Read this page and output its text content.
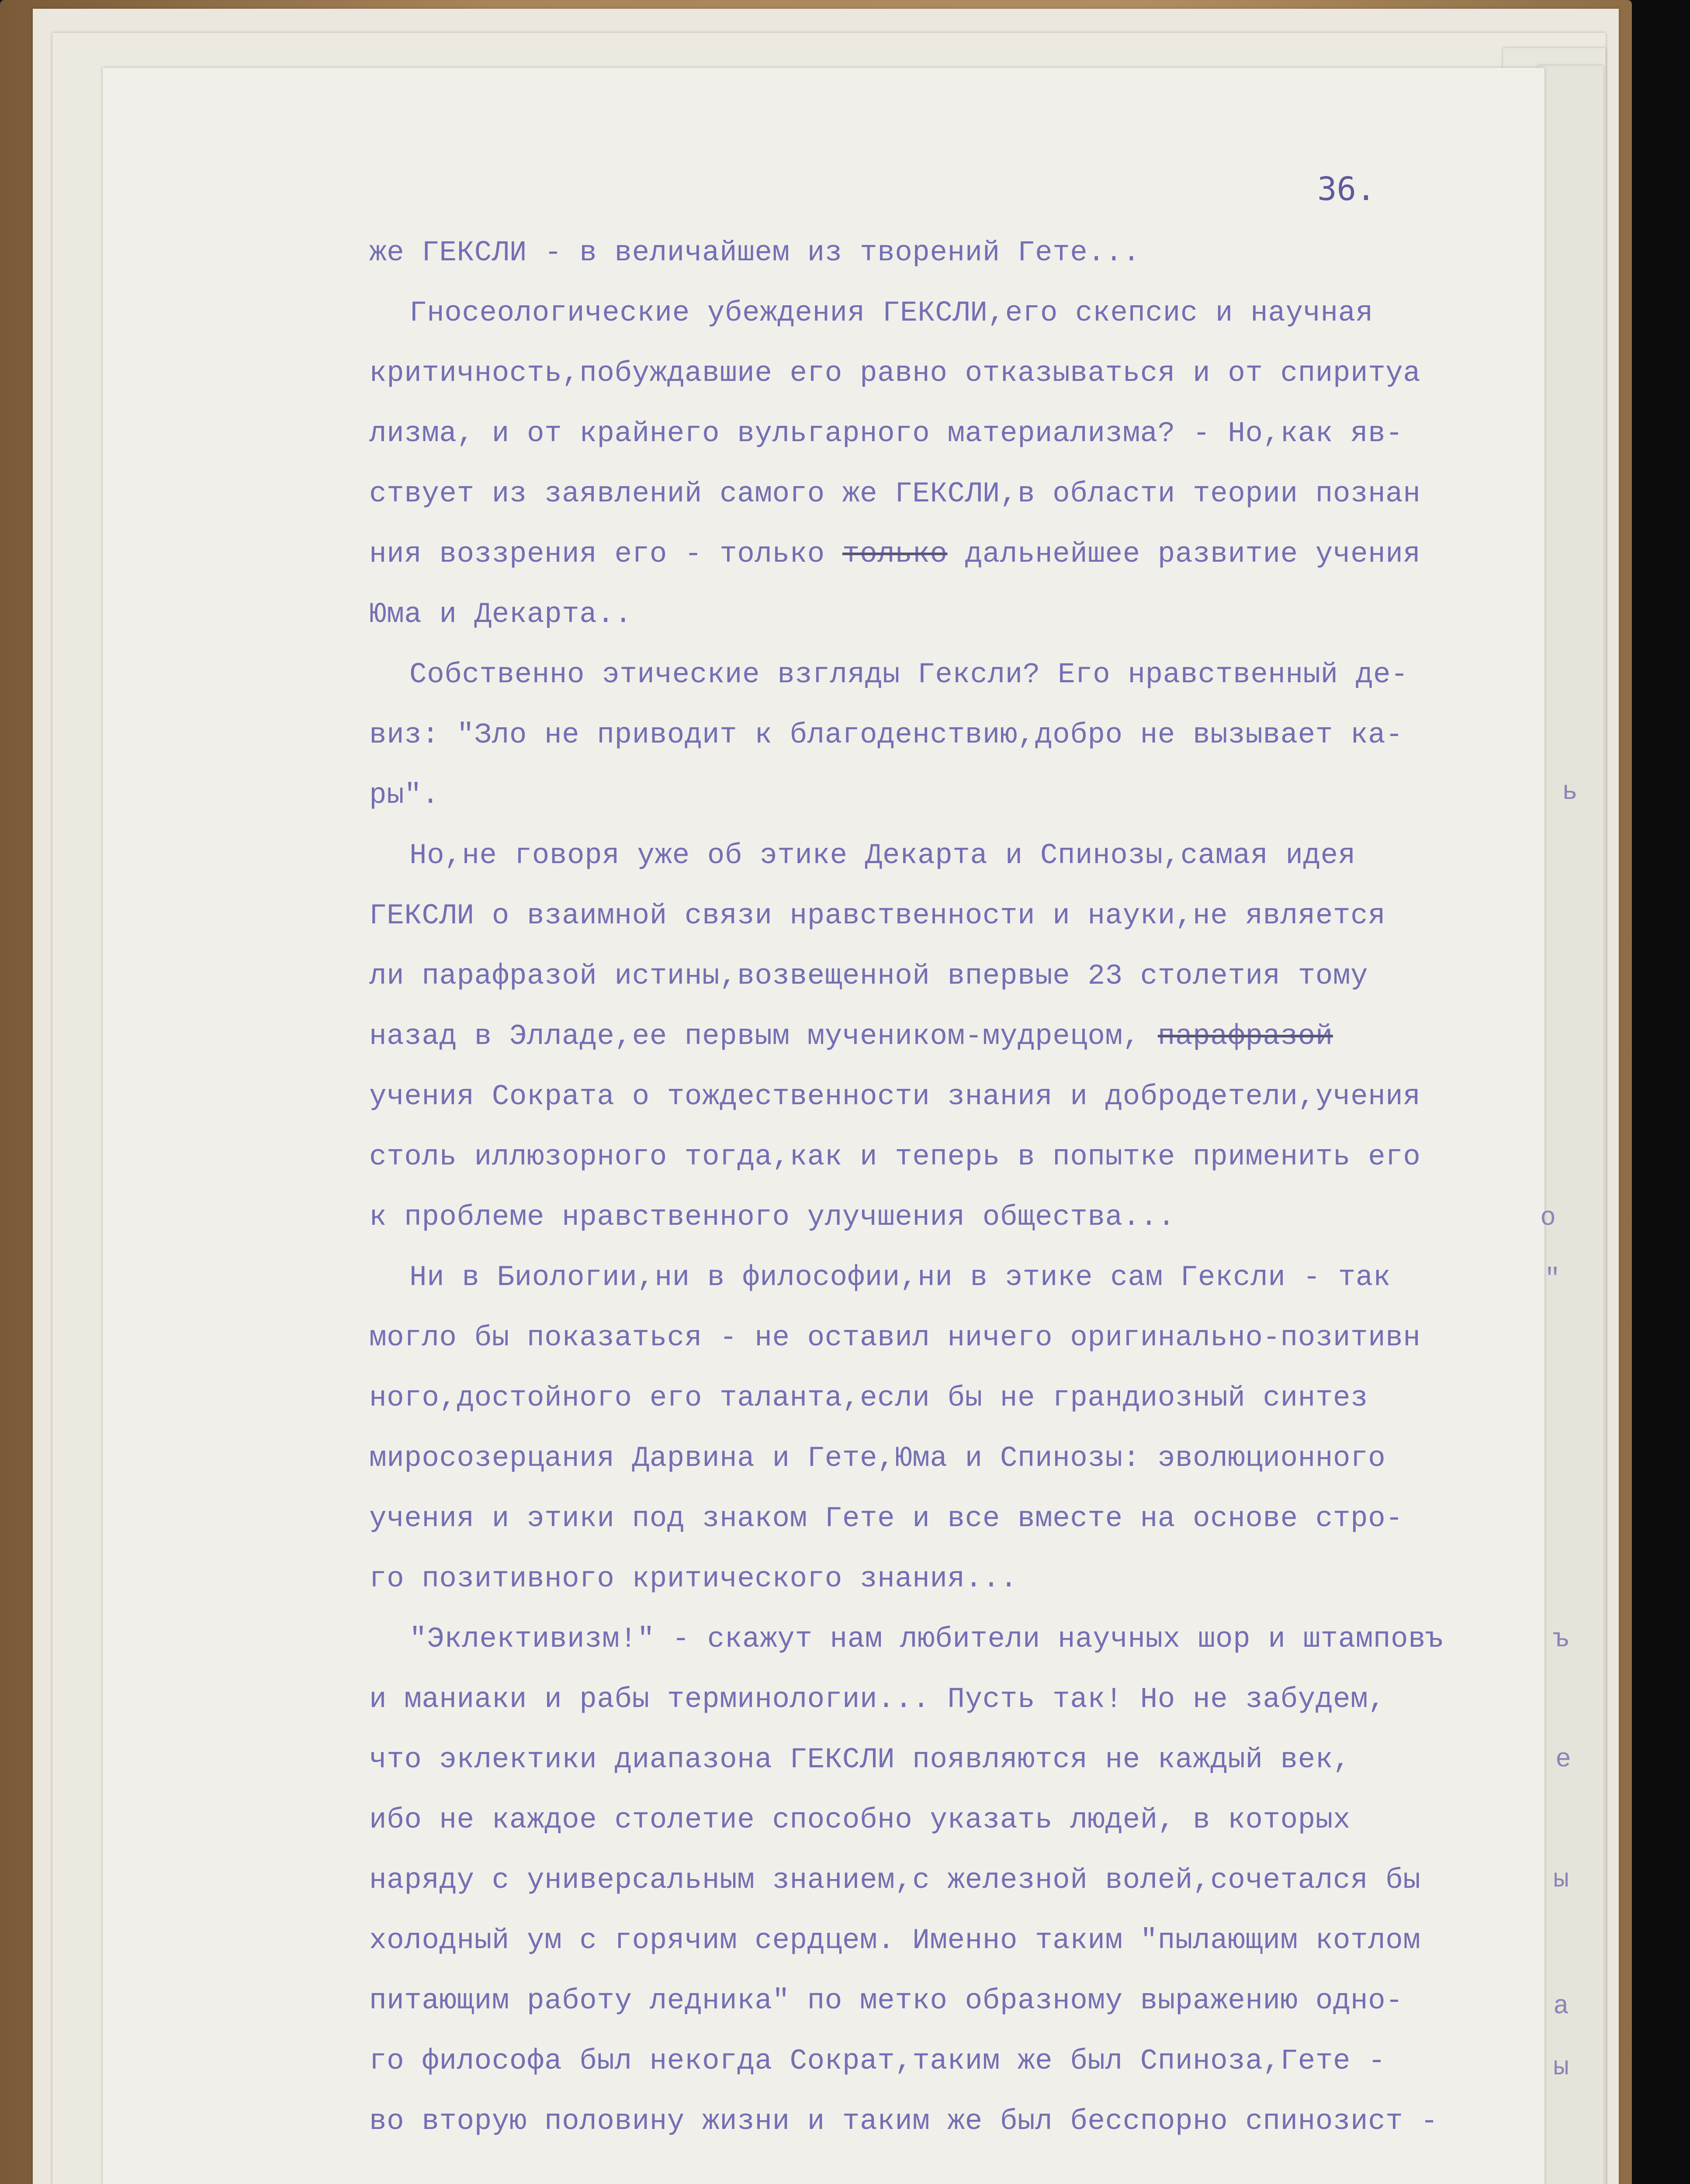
36.
же ГЕКСЛИ - в величайшем из творений Гете...
Гносеологические убеждения ГЕКСЛИ,его скепсис и научная
критичность,побуждавшие его равно отказываться и от спиритуа
лизма, и от крайнего вульгарного материализма? - Но,как яв-
ствует из заявлений самого же ГЕКСЛИ,в области теории познан
ния воззрения его - только только дальнейшее развитие учения
Юма и Декарта..
Собственно этические взгляды Гексли? Его нравственный де-
виз: "Зло не приводит к благоденствию,добро не вызывает ка-
ры".
Но,не говоря уже об этике Декарта и Спинозы,самая идея
ГЕКСЛИ о взаимной связи нравственности и науки,не является
ли парафразой истины,возвещенной впервые 23 столетия тому
назад в Элладе,ее первым мучеником-мудрецом, парафразой
учения Сократа о тождественности знания и добродетели,учения
столь иллюзорного тогда,как и теперь в попытке применить его
к проблеме нравственного улучшения общества...
Ни в Биологии,ни в философии,ни в этике сам Гексли - так
могло бы показаться - не оставил ничего оригинально-позитивн
ного,достойного его таланта,если бы не грандиозный синтез
миросозерцания Дарвина и Гете,Юма и Спинозы: эволюционного
учения и этики под знаком Гете и все вместе на основе стро-
го позитивного критического знания...
"Эклективизм!" - скажут нам любители научных шор и штамповъ
и маниаки и рабы терминологии... Пусть так! Но не забудем,
что эклектики диапазона ГЕКСЛИ появляются не каждый век,
ибо не каждое столетие способно указать людей, в которых
наряду с универсальным знанием,с железной волей,сочетался бы
холодный ум с горячим сердцем. Именно таким "пылающим котлом
питающим работу ледника" по метко образному выражению одно-
го философа был некогда Сократ,таким же был Спиноза,Гете -
во вторую половину жизни и таким же был бесспорно спинозист -
ь
о
"
ъ
е
ы
а
ы
